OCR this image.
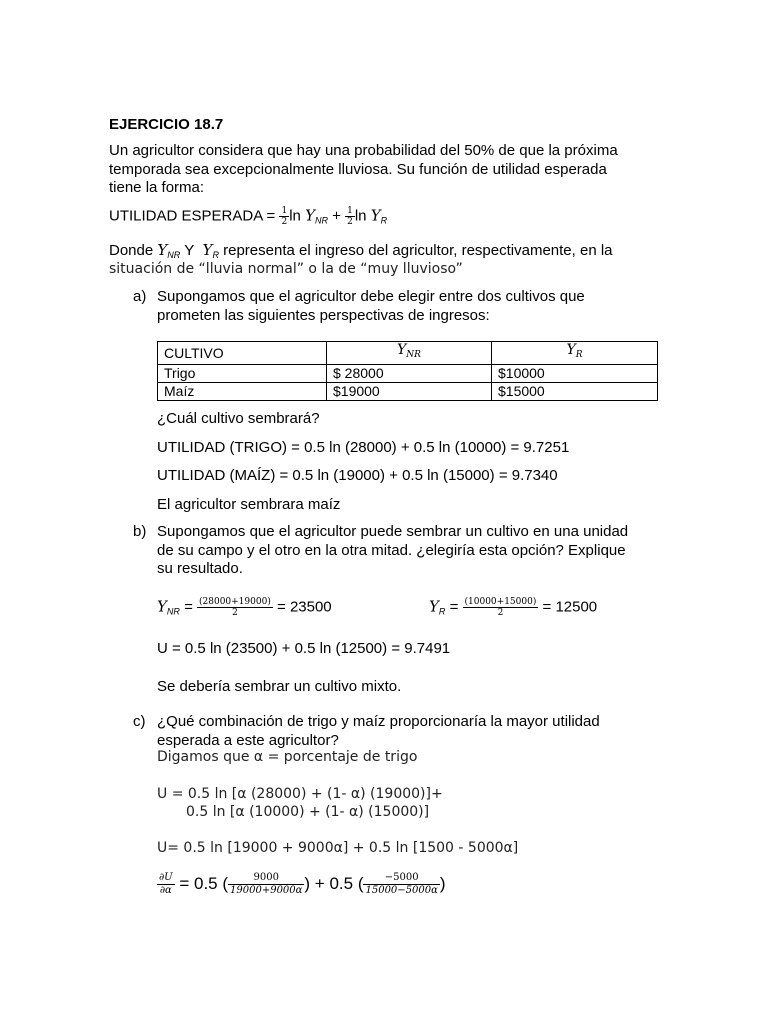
EJERCICIO 18.7
Un agricultor considera que hay una probabilidad del 50% de que la próxima
temporada sea excepcionalmente lluviosa. Su función de utilidad esperada
tiene la forma:
UTILIDAD ESPERADA = $\frac{1}{2}$ $\ln Y_{NR} + \frac{1}{2}$ $\ln Y_R$
Donde $Y_{NR}$ Y $Y_R$ representa el ingreso del agricultor, respectivamente, en la
situación de “lluvia normal” o la de “muy lluvioso”
a) Supongamos que el agricultor debe elegir entre dos cultivos que
prometen las siguientes perspectivas de ingresos:
CULTIVO	$Y_{NR}$	$Y_R$
Trigo	$ 28000	$10000
Maíz	$19000	$15000
¿Cuál cultivo sembrará?
UTILIDAD (TRIGO) = 0.5 ln (28000) + 0.5 ln (10000) = 9.7251
UTILIDAD (MAÍZ) = 0.5 ln (19000) + 0.5 ln (15000) = 9.7340
El agricultor sembrara maíz
b) Supongamos que el agricultor puede sembrar un cultivo en una unidad
de su campo y el otro en la otra mitad. ¿elegiría esta opción? Explique
su resultado.
$Y_{NR} = \frac{(28000+19000)}{2} = 23500$	$Y_R = \frac{(10000+15000)}{2} = 12500$
U = 0.5 ln (23500) + 0.5 ln (12500) = 9.7491
Se debería sembrar un cultivo mixto.
c) ¿Qué combinación de trigo y maíz proporcionaría la mayor utilidad
esperada a este agricultor?
Digamos que α = porcentaje de trigo
U = 0.5 ln [α (28000) + (1- α) (19000)]+
0.5 ln [α (10000) + (1- α) (15000)]
U= 0.5 ln [19000 + 9000α] + 0.5 ln [1500 - 5000α]
$\frac{\partial U}{\partial\alpha} = 0.5$ ( $\frac{9000}{19000+9000\alpha}$ ) + 0.5 ( $\frac{-5000}{15000-5000\alpha}$ )
